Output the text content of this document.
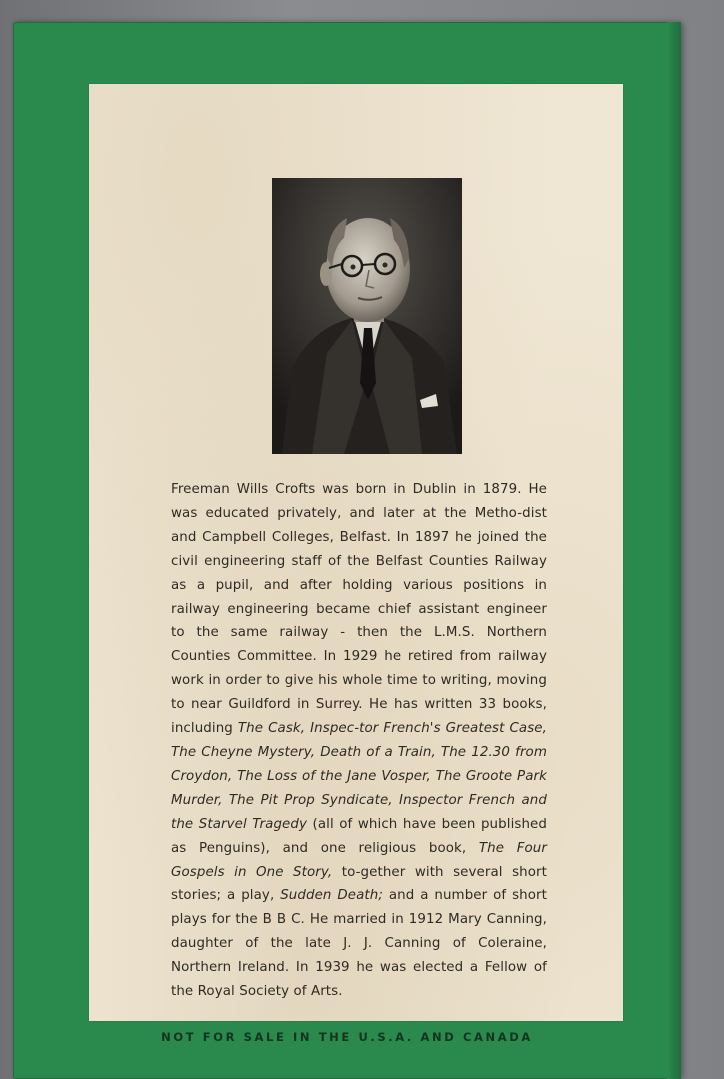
Freeman Wills Crofts was born in Dublin in 1879. He was educated privately, and later at the Metho-dist and Campbell Colleges, Belfast. In 1897 he joined the civil engineering staff of the Belfast Counties Railway as a pupil, and after holding various positions in railway engineering became chief assistant engineer to the same railway - then the L.M.S. Northern Counties Committee. In 1929 he retired from railway work in order to give his whole time to writing, moving to near Guildford in Surrey. He has written 33 books, including The Cask, Inspec-tor French's Greatest Case, The Cheyne Mystery, Death of a Train, The 12.30 from Croydon, The Loss of the Jane Vosper, The Groote Park Murder, The Pit Prop Syndicate, Inspector French and the Starvel Tragedy (all of which have been published as Penguins), and one religious book, The Four Gospels in One Story, to-gether with several short stories; a play, Sudden Death; and a number of short plays for the B B C. He married in 1912 Mary Canning, daughter of the late J. J. Canning of Coleraine, Northern Ireland. In 1939 he was elected a Fellow of the Royal Society of Arts.
NOT FOR SALE IN THE U.S.A. AND CANADA
